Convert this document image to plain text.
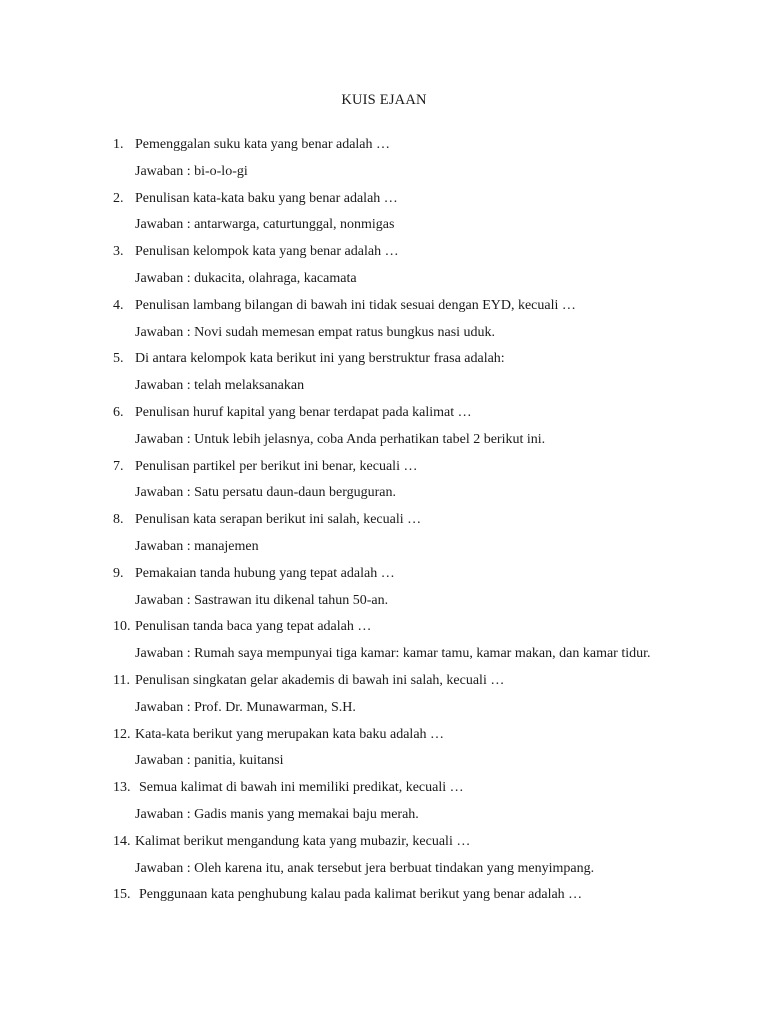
KUIS EJAAN
1. Pemenggalan suku kata yang benar adalah …
Jawaban : bi-o-lo-gi
2. Penulisan kata-kata baku yang benar adalah …
Jawaban : antarwarga, caturtunggal, nonmigas
3. Penulisan kelompok kata yang benar adalah …
Jawaban : dukacita, olahraga, kacamata
4. Penulisan lambang bilangan di bawah ini tidak sesuai dengan EYD, kecuali …
Jawaban : Novi sudah memesan empat ratus bungkus nasi uduk.
5. Di antara kelompok kata berikut ini yang berstruktur frasa adalah:
Jawaban : telah melaksanakan
6. Penulisan huruf kapital yang benar terdapat pada kalimat …
Jawaban : Untuk lebih jelasnya, coba Anda perhatikan tabel 2 berikut ini.
7. Penulisan partikel per berikut ini benar, kecuali …
Jawaban : Satu persatu daun-daun berguguran.
8. Penulisan kata serapan berikut ini salah, kecuali …
Jawaban : manajemen
9. Pemakaian tanda hubung yang tepat adalah …
Jawaban : Sastrawan itu dikenal tahun 50-an.
10. Penulisan tanda baca yang tepat adalah …
Jawaban : Rumah saya mempunyai tiga kamar: kamar tamu, kamar makan, dan kamar tidur.
11. Penulisan singkatan gelar akademis di bawah ini salah, kecuali …
Jawaban : Prof. Dr. Munawarman, S.H.
12. Kata-kata berikut yang merupakan kata baku adalah …
Jawaban : panitia, kuitansi
13. Semua kalimat di bawah ini memiliki predikat, kecuali …
Jawaban : Gadis manis yang memakai baju merah.
14. Kalimat berikut mengandung kata yang mubazir, kecuali …
Jawaban : Oleh karena itu, anak tersebut jera berbuat tindakan yang menyimpang.
15. Penggunaan kata penghubung kalau pada kalimat berikut yang benar adalah …
